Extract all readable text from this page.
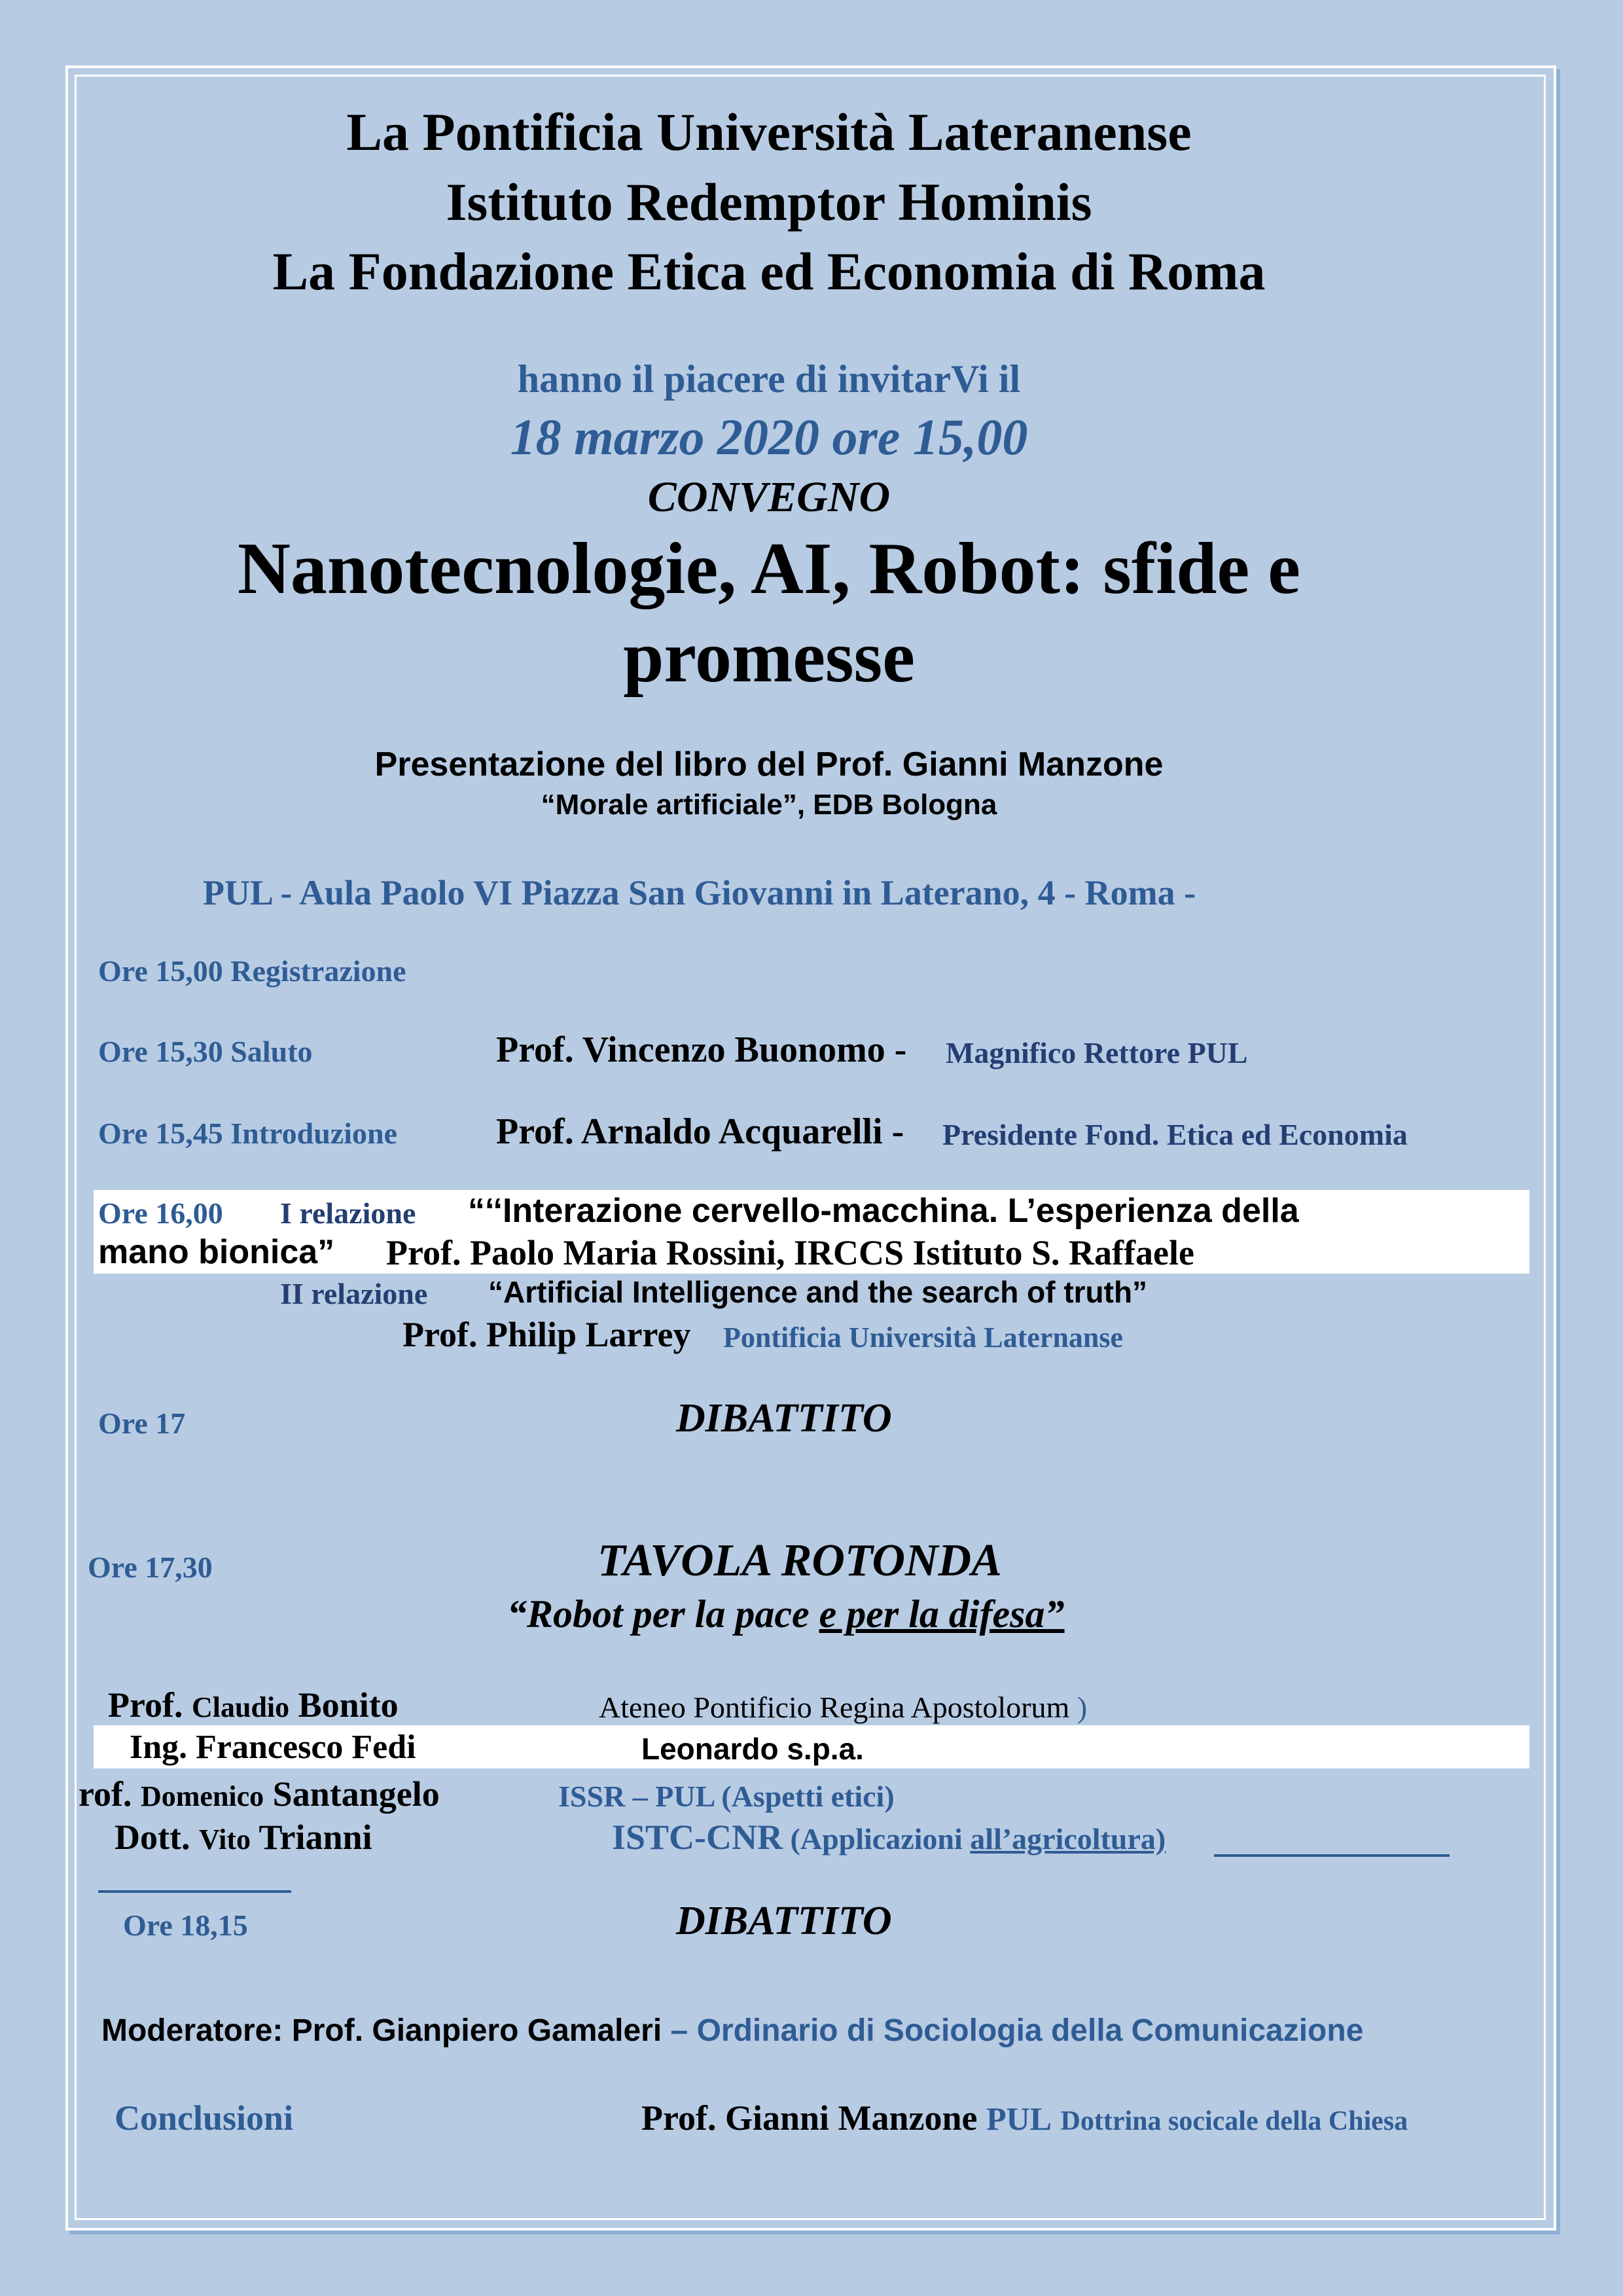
La Pontificia Università Lateranense
Istituto Redemptor Hominis
La Fondazione Etica ed Economia di Roma
hanno il piacere di invitarVi il
18 marzo 2020 ore 15,00
CONVEGNO
Nanotecnologie, AI, Robot: sfide e
promesse
Presentazione del libro del Prof. Gianni Manzone
“Morale artificiale”, EDB Bologna
PUL - Aula Paolo VI Piazza San Giovanni in Laterano, 4 - Roma -
Ore 15,00 Registrazione
Ore 15,30 Saluto	Prof. Vincenzo Buonomo - Magnifico Rettore PUL
Ore 15,45 Introduzione	Prof. Arnaldo Acquarelli - Presidente Fond. Etica ed Economia
Ore 16,00 I relazione “‘‘Interazione cervello-macchina. L’esperienza della
mano bionica” Prof. Paolo Maria Rossini, IRCCS Istituto S. Raffaele
II relazione “Artificial Intelligence and the search of truth”
Prof. Philip Larrey Pontificia Università Laternanse
Ore 17	DIBATTITO
Ore 17,30	TAVOLA ROTONDA
“Robot per la pace e per la difesa”
Prof. Claudio Bonito	Ateneo Pontificio Regina Apostolorum )
Ing. Francesco Fedi	Leonardo s.p.a.
rof. Domenico Santangelo	ISSR – PUL (Aspetti etici)
Dott. Vito Trianni	ISTC-CNR (Applicazioni all’agricoltura)
Ore 18,15	DIBATTITO
Moderatore: Prof. Gianpiero Gamaleri – Ordinario di Sociologia della Comunicazione
Conclusioni	Prof. Gianni Manzone PUL Dottrina socicale della Chiesa
